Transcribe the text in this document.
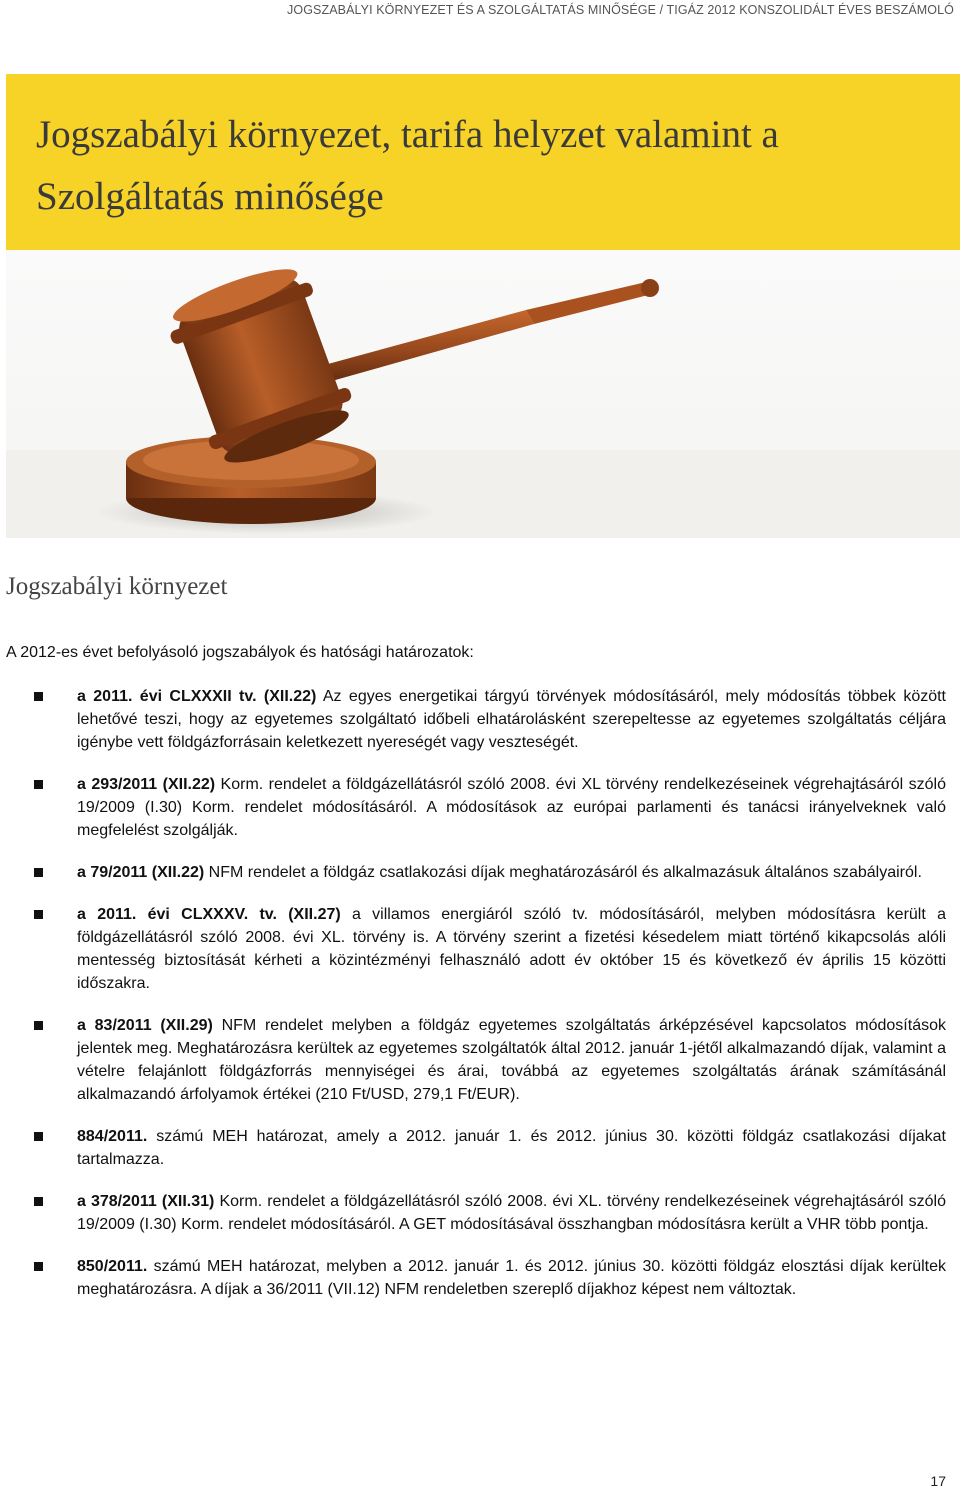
JOGSZABÁLYI KÖRNYEZET ÉS A SZOLGÁLTATÁS MINŐSÉGE / TIGÁZ 2012 KONSZOLIDÁLT ÉVES BESZÁMOLÓ
Jogszabályi környezet, tarifa helyzet valamint a
Szolgáltatás minősége
Jogszabályi környezet

A 2012-es évet befolyásoló jogszabályok és hatósági határozatok:

a 2011. évi CLXXXII tv. (XII.22) Az egyes energetikai tárgyú törvények módosításáról, mely módosítás többek között lehetővé teszi, hogy az egyetemes szolgáltató időbeli elhatárolásként szerepeltesse az egyetemes szolgáltatás céljára igénybe vett földgázforrásain keletkezett nyereségét vagy veszteségét.
a 293/2011 (XII.22) Korm. rendelet a földgázellátásról szóló 2008. évi XL törvény rendelkezéseinek végrehajtásáról szóló 19/2009 (I.30) Korm. rendelet módosításáról. A módosítások az európai parlamenti és tanácsi irányelveknek való megfelelést szolgálják.
a 79/2011 (XII.22) NFM rendelet a földgáz csatlakozási díjak meghatározásáról és alkalmazásuk általános szabályairól.
a 2011. évi CLXXXV. tv. (XII.27) a villamos energiáról szóló tv. módosításáról, melyben módosításra került a földgázellátásról szóló 2008. évi XL. törvény is. A törvény szerint a fizetési késedelem miatt történő kikapcsolás alóli mentesség biztosítását kérheti a közintézményi felhasználó adott év október 15 és következő év április 15 közötti időszakra.
a 83/2011 (XII.29) NFM rendelet melyben a földgáz egyetemes szolgáltatás árképzésével kapcsolatos módosítások jelentek meg. Meghatározásra kerültek az egyetemes szolgáltatók által 2012. január 1-jétől alkalmazandó díjak, valamint a vételre felajánlott földgázforrás mennyiségei és árai, továbbá az egyetemes szolgáltatás árának számításánál alkalmazandó árfolyamok értékei (210 Ft/USD, 279,1 Ft/EUR).
884/2011. számú MEH határozat, amely a 2012. január 1. és 2012. június 30. közötti földgáz csatlakozási díjakat tartalmazza.
a 378/2011 (XII.31) Korm. rendelet a földgázellátásról szóló 2008. évi XL. törvény rendelkezéseinek végrehajtásáról szóló 19/2009 (I.30) Korm. rendelet módosításáról. A GET módosításával összhangban módosításra került a VHR több pontja.
850/2011. számú MEH határozat, melyben a 2012. január 1. és 2012. június 30. közötti földgáz elosztási díjak kerültek meghatározásra. A díjak a 36/2011 (VII.12) NFM rendeletben szereplő díjakhoz képest nem változtak.
17
